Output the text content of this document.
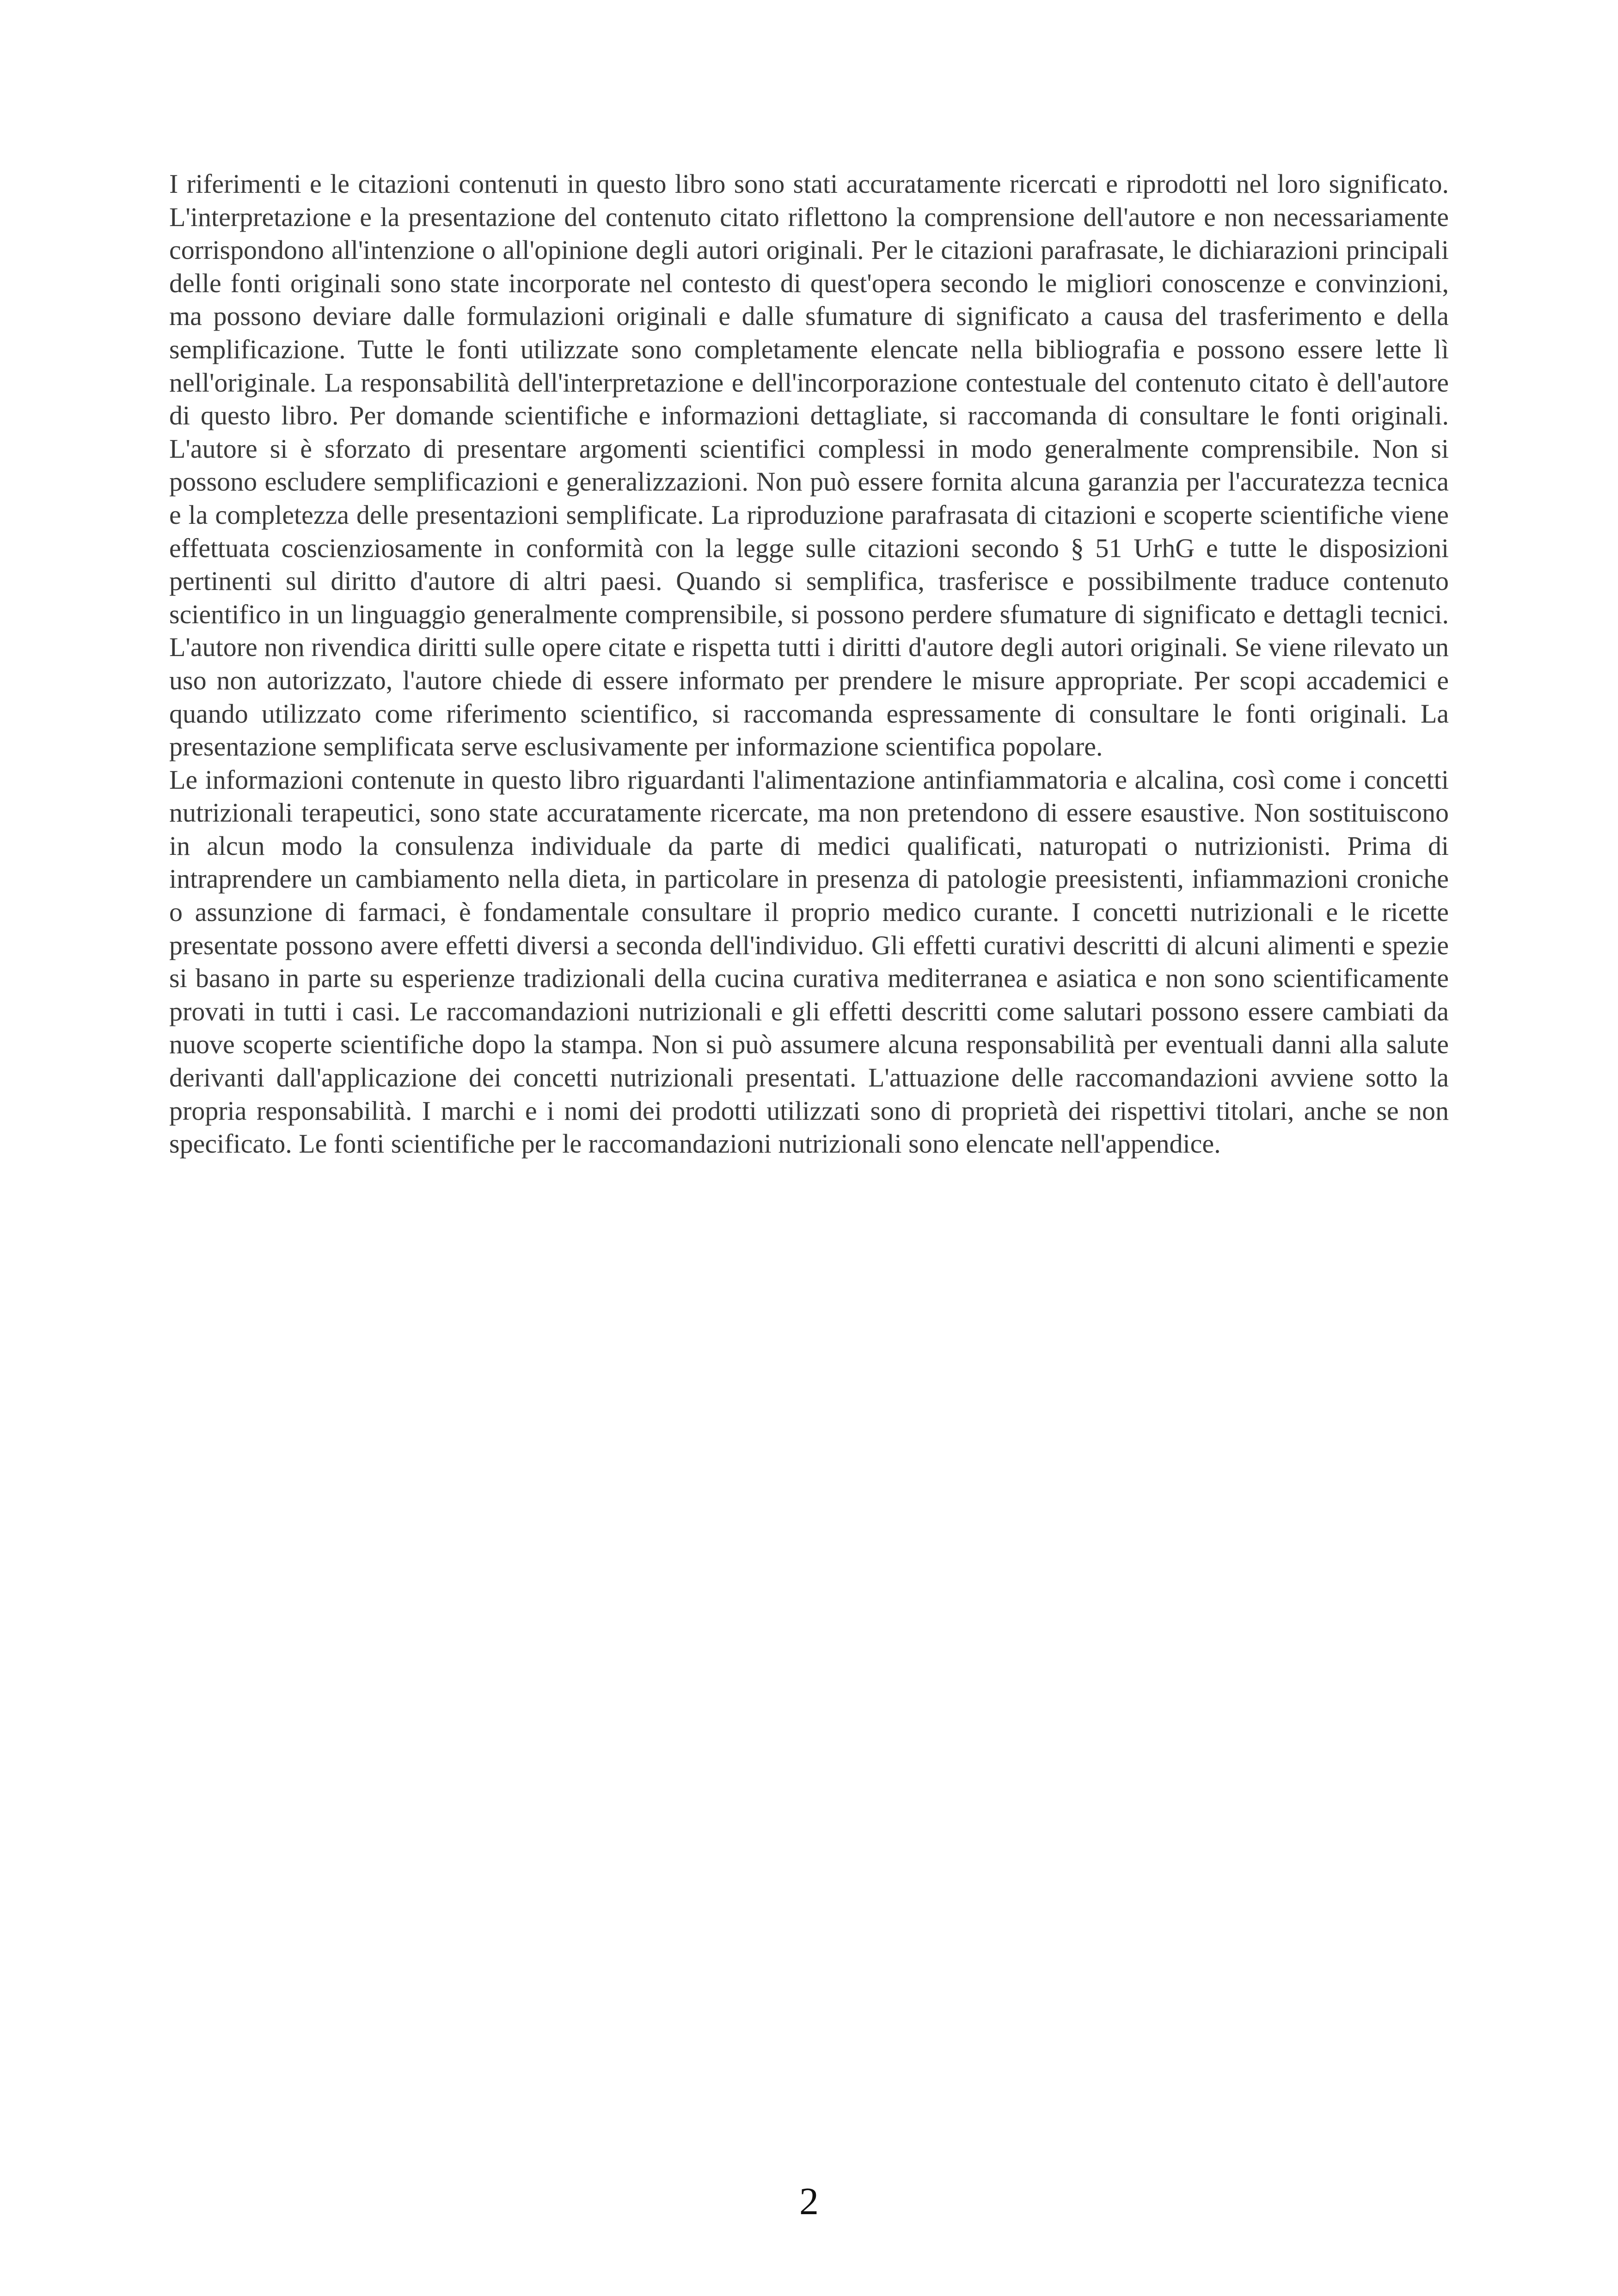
I riferimenti e le citazioni contenuti in questo libro sono stati accuratamente ricercati e riprodotti nel loro significato. L'interpretazione e la presentazione del contenuto citato riflettono la comprensione dell'autore e non necessariamente corrispondono all'intenzione o all'opinione degli autori originali. Per le citazioni parafrasate, le dichiarazioni principali delle fonti originali sono state incorporate nel contesto di quest'opera secondo le migliori conoscenze e convinzioni, ma possono deviare dalle formulazioni originali e dalle sfumature di significato a causa del trasferimento e della semplificazione. Tutte le fonti utilizzate sono completamente elencate nella bibliografia e possono essere lette lì nell'originale. La responsabilità dell'interpretazione e dell'incorporazione contestuale del contenuto citato è dell'autore di questo libro. Per domande scientifiche e informazioni dettagliate, si raccomanda di consultare le fonti originali. L'autore si è sforzato di presentare argomenti scientifici complessi in modo generalmente comprensibile. Non si possono escludere semplificazioni e generalizzazioni. Non può essere fornita alcuna garanzia per l'accuratezza tecnica e la completezza delle presentazioni semplificate. La riproduzione parafrasata di citazioni e scoperte scientifiche viene effettuata coscienziosamente in conformità con la legge sulle citazioni secondo § 51 UrhG e tutte le disposizioni pertinenti sul diritto d'autore di altri paesi. Quando si semplifica, trasferisce e possibilmente traduce contenuto scientifico in un linguaggio generalmente comprensibile, si possono perdere sfumature di significato e dettagli tecnici. L'autore non rivendica diritti sulle opere citate e rispetta tutti i diritti d'autore degli autori originali. Se viene rilevato un uso non autorizzato, l'autore chiede di essere informato per prendere le misure appropriate. Per scopi accademici e quando utilizzato come riferimento scientifico, si raccomanda espressamente di consultare le fonti originali. La presentazione semplificata serve esclusivamente per informazione scientifica popolare.

Le informazioni contenute in questo libro riguardanti l'alimentazione antinfiammatoria e alcalina, così come i concetti nutrizionali terapeutici, sono state accuratamente ricercate, ma non pretendono di essere esaustive. Non sostituiscono in alcun modo la consulenza individuale da parte di medici qualificati, naturopati o nutrizionisti. Prima di intraprendere un cambiamento nella dieta, in particolare in presenza di patologie preesistenti, infiammazioni croniche o assunzione di farmaci, è fondamentale consultare il proprio medico curante. I concetti nutrizionali e le ricette presentate possono avere effetti diversi a seconda dell'individuo. Gli effetti curativi descritti di alcuni alimenti e spezie si basano in parte su esperienze tradizionali della cucina curativa mediterranea e asiatica e non sono scientificamente provati in tutti i casi. Le raccomandazioni nutrizionali e gli effetti descritti come salutari possono essere cambiati da nuove scoperte scientifiche dopo la stampa. Non si può assumere alcuna responsabilità per eventuali danni alla salute derivanti dall'applicazione dei concetti nutrizionali presentati. L'attuazione delle raccomandazioni avviene sotto la propria responsabilità. I marchi e i nomi dei prodotti utilizzati sono di proprietà dei rispettivi titolari, anche se non specificato. Le fonti scientifiche per le raccomandazioni nutrizionali sono elencate nell'appendice.

2
